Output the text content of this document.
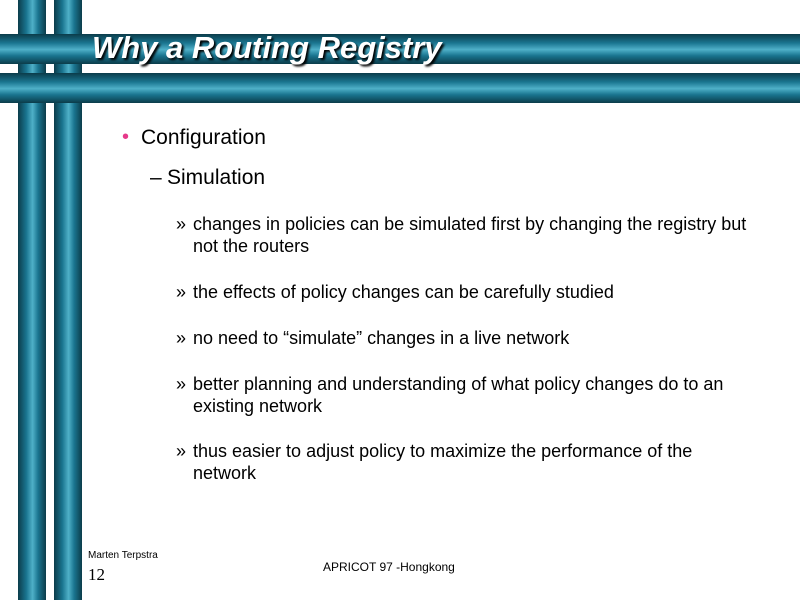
Why a Routing Registry
• Configuration
– Simulation
» changes in policies can be simulated first by changing the registry but not the routers
» the effects of policy changes can be carefully studied
» no need to “simulate” changes in a live network
» better planning and understanding of what policy changes do to an existing network
» thus easier to adjust policy to maximize the performance of the network
Marten Terpstra
12	APRICOT 97 -Hongkong
